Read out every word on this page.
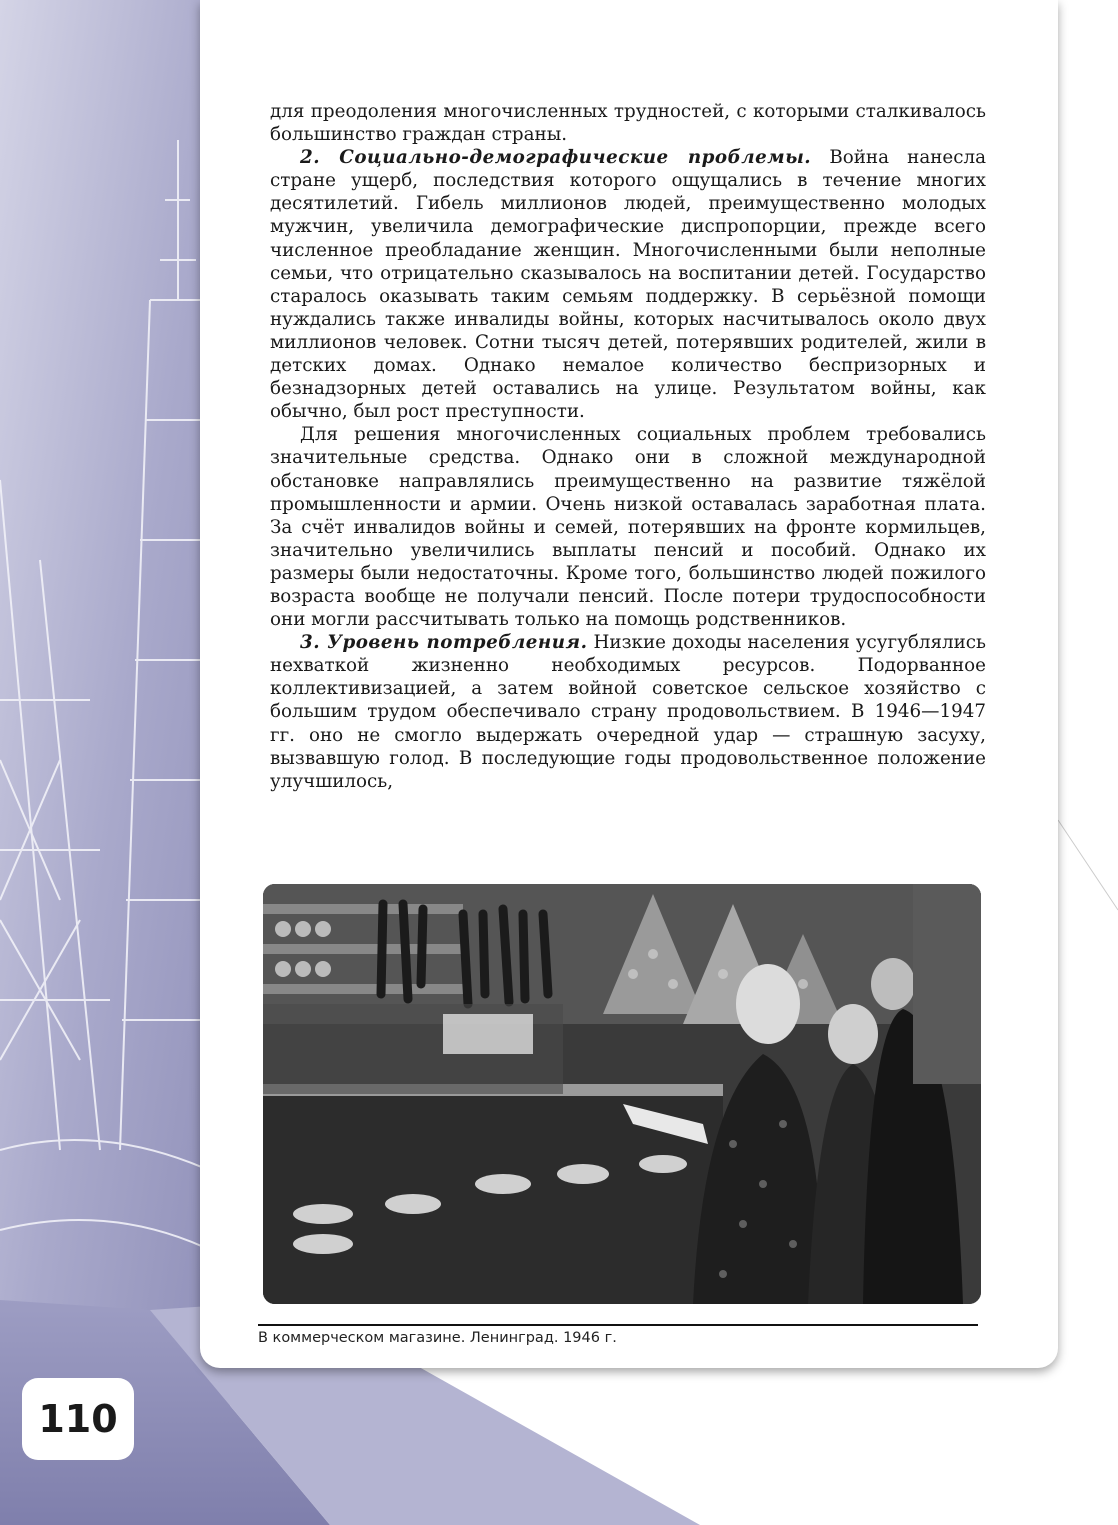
для преодоления многочисленных трудностей, с которыми сталкивалось большинство граждан страны.

2. Социально-демографические проблемы. Война нанесла стране ущерб, последствия которого ощущались в течение многих десятилетий. Гибель миллионов людей, преимущественно молодых мужчин, увеличила демографические диспропорции, прежде всего численное преобладание женщин. Многочисленными были неполные семьи, что отрицательно сказывалось на воспитании детей. Государство старалось оказывать таким семьям поддержку. В серьёзной помощи нуждались также инвалиды войны, которых насчитывалось около двух миллионов человек. Сотни тысяч детей, потерявших родителей, жили в детских домах. Однако немалое количество беспризорных и безнадзорных детей оставались на улице. Результатом войны, как обычно, был рост преступности.

Для решения многочисленных социальных проблем требовались значительные средства. Однако они в сложной международной обстановке направлялись преимущественно на развитие тяжёлой промышленности и армии. Очень низкой оставалась заработная плата. За счёт инвалидов войны и семей, потерявших на фронте кормильцев, значительно увеличились выплаты пенсий и пособий. Однако их размеры были недостаточны. Кроме того, большинство людей пожилого возраста вообще не получали пенсий. После потери трудоспособности они могли рассчитывать только на помощь родственников.

3. Уровень потребления. Низкие доходы населения усугублялись нехваткой жизненно необходимых ресурсов. Подорванное коллективизацией, а затем войной советское сельское хозяйство с большим трудом обеспечивало страну продовольствием. В 1946—1947 гг. оно не смогло выдержать очередной удар — страшную засуху, вызвавшую голод. В последующие годы продовольственное положение улучшилось,

В коммерческом магазине. Ленинград. 1946 г.
110
